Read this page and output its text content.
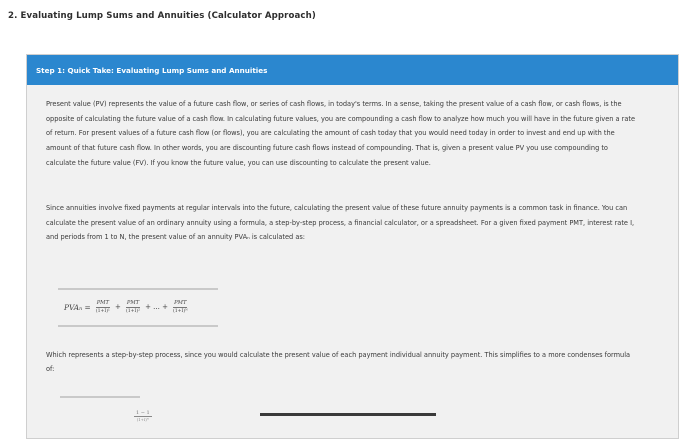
2. Evaluating Lump Sums and Annuities (Calculator Approach)
Step 1: Quick Take: Evaluating Lump Sums and Annuities
Present value (PV) represents the value of a future cash flow, or series of cash flows, in today's terms. In a sense, taking the present value of a cash flow, or cash flows, is the opposite of calculating the future value of a cash flow. In calculating future values, you are compounding a cash flow to analyze how much you will have in the future given a rate of return. For present values of a future cash flow (or flows), you are calculating the amount of cash today that you would need today in order to invest and end up with the amount of that future cash flow. In other words, you are discounting future cash flows instead of compounding. That is, given a present value PV you use compounding to calculate the future value (FV). If you know the future value, you can use discounting to calculate the present value.
Since annuities involve fixed payments at regular intervals into the future, calculating the present value of these future annuity payments is a common task in finance. You can calculate the present value of an ordinary annuity using a formula, a step-by-step process, a financial calculator, or a spreadsheet. For a given fixed payment PMT, interest rate I, and periods from 1 to N, the present value of an annuity PVAₙ is calculated as:
$PVA_n = \frac{\text{PMT}}{\text{(1+I)¹}} + \frac{\text{PMT}}{\text{(1+I)²}}$ + ... + $\frac{\text{PMT}}{\text{(1+I)ᴺ}}$
Which represents a step-by-step process, since you would calculate the present value of each payment individual annuity payment. This simplifies to a more condenses formula of:
1 − 1
(1+I)ᴺ
